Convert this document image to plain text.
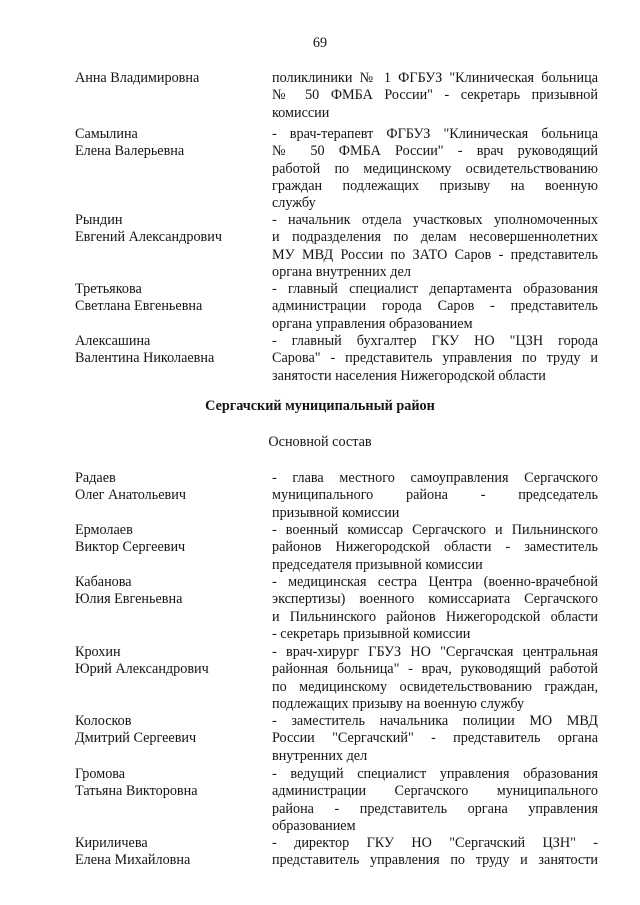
69
Анна Владимировна	поликлиники № 1 ФГБУЗ "Клиническая больница
№ 50 ФМБА России" - секретарь призывной
комиссии
Самылина
Елена Валерьевна
- врач-терапевт ФГБУЗ "Клиническая больница
№ 50 ФМБА России" - врач руководящий
работой по медицинскому освидетельствованию
граждан подлежащих призыву на военную
службу
Рындин
Евгений Александрович
- начальник отдела участковых уполномоченных
и подразделения по делам несовершеннолетних
МУ МВД России по ЗАТО Саров - представитель
органа внутренних дел
Третьякова
Светлана Евгеньевна
- главный специалист департамента образования
администрации города Саров - представитель
органа управления образованием
Алексашина
Валентина Николаевна
- главный бухгалтер ГКУ НО "ЦЗН города
Сарова" - представитель управления по труду и
занятости населения Нижегородской области
Сергачский муниципальный район
Основной состав
Радаев
Олег Анатольевич
- глава местного самоуправления Сергачского
муниципального района - председатель
призывной комиссии
Ермолаев
Виктор Сергеевич
- военный комиссар Сергачского и Пильнинского
районов Нижегородской области - заместитель
председателя призывной комиссии
Кабанова
Юлия Евгеньевна
- медицинская сестра Центра (военно-врачебной
экспертизы) военного комиссариата Сергачского
и Пильнинского районов Нижегородской области
- секретарь призывной комиссии
Крохин
Юрий Александрович
- врач-хирург ГБУЗ НО "Сергачская центральная
районная больница" - врач, руководящий работой
по медицинскому освидетельствованию граждан,
подлежащих призыву на военную службу
Колосков
Дмитрий Сергеевич
- заместитель начальника полиции МО МВД
России "Сергачский" - представитель органа
внутренних дел
Громова
Татьяна Викторовна
- ведущий специалист управления образования
администрации Сергачского муниципального
района - представитель органа управления
образованием
Кириличева
Елена Михайловна
- директор ГКУ НО "Сергачский ЦЗН" -
представитель управления по труду и занятости
